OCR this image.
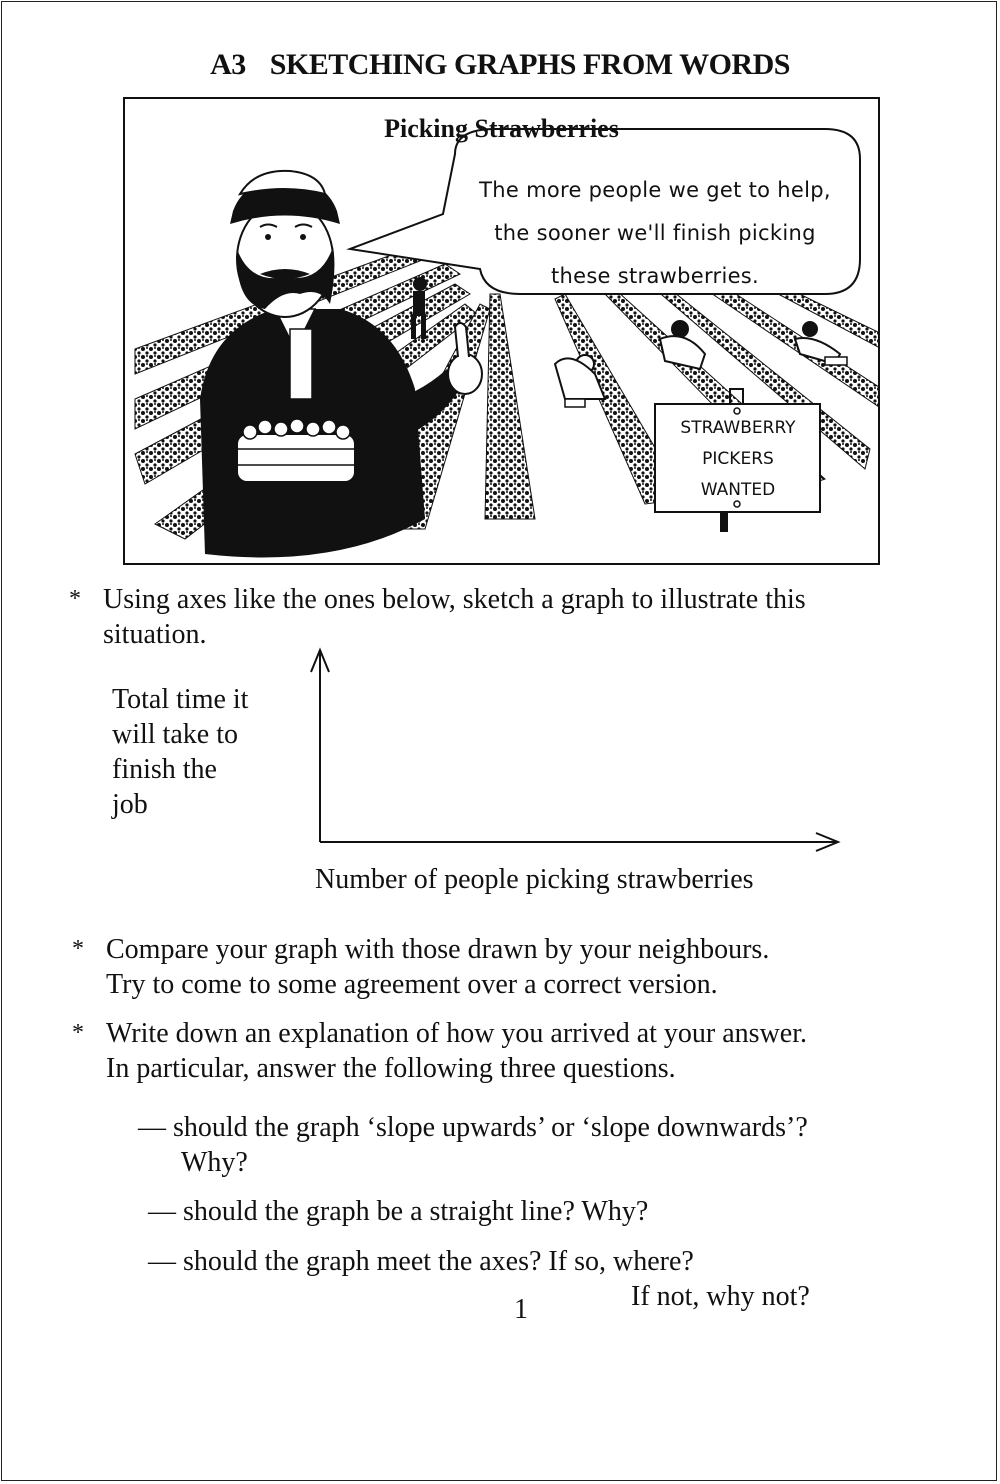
A3 SKETCHING GRAPHS FROM WORDS
Picking Strawberries
The more people we get to help,
the sooner we'll finish picking
these strawberries.
STRAWBERRY
PICKERS
WANTED
* Using axes like the ones below, sketch a graph to illustrate this
situation.
Total time it
will take to
finish the
job
Number of people picking strawberries
* Compare your graph with those drawn by your neighbours.
Try to come to some agreement over a correct version.
* Write down an explanation of how you arrived at your answer.
In particular, answer the following three questions.
— should the graph ‘slope upwards’ or ‘slope downwards’?
Why?
— should the graph be a straight line? Why?
— should the graph meet the axes? If so, where?
If not, why not?
1
